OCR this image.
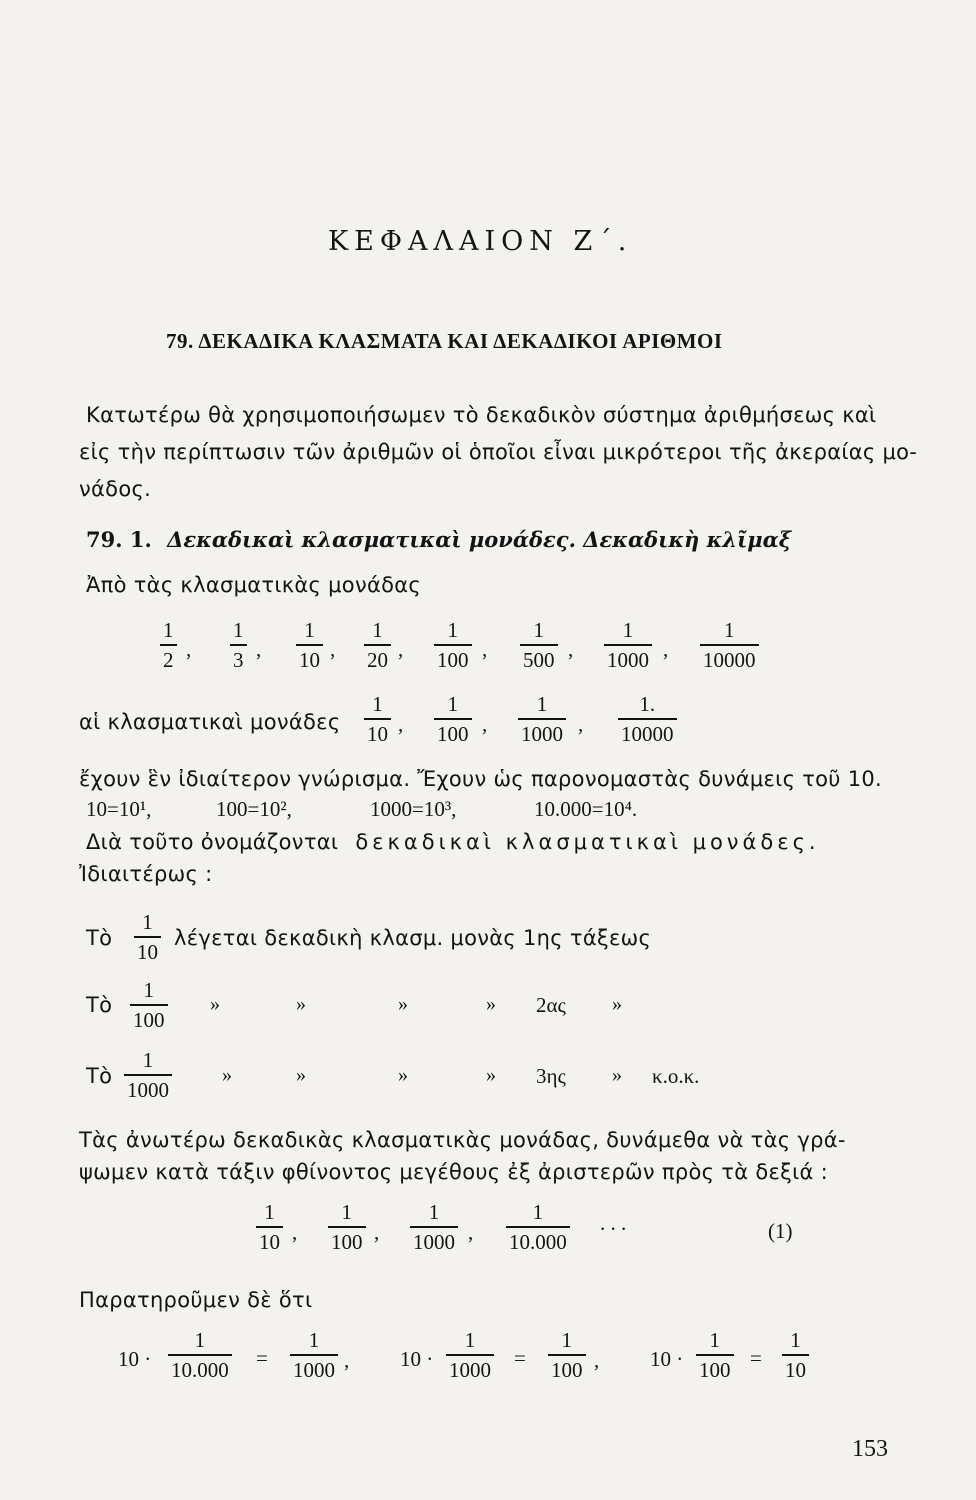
ΚΕΦΑΛΑΙΟΝ Ζ΄.
79. ΔΕΚΑΔΙΚΑ ΚΛΑΣΜΑΤΑ ΚΑΙ ΔΕΚΑΔΙΚΟΙ ΑΡΙΘΜΟΙ
Κατωτέρω θὰ χρησιμοποιήσωμεν τὸ δεκαδικὸν σύστημα ἀριθμήσεως καὶ
εἰς τὴν περίπτωσιν τῶν ἀριθμῶν οἱ ὁποῖοι εἶναι μικρότεροι τῆς ἀκεραίας μο-
νάδος.
79. 1. Δεκαδικαὶ κλασματικαὶ μονάδες. Δεκαδικὴ κλῖμαξ
Ἀπὸ τὰς κλασματικὰς μονάδας
1
2 ,
1
3 ,
1
10 ,
1
20 ,
1
100 ,
1
500 ,
1
1000 ,
1
10000
αἱ κλασματικαὶ μονάδες
1
10 ,
1
100 ,
1
1000 ,
1.
10000
ἔχουν ἓν ἰδιαίτερον γνώρισμα. Ἔχουν ὡς παρονομαστὰς δυνάμεις τοῦ 10.
10=10¹,	100=10²,	1000=10³,	10.000=10⁴.
Διὰ τοῦτο ὀνομάζονται δεκαδικαὶ κλασματικαὶ μονάδες.
Ἰδιαιτέρως :
Τὸ
1
10
λέγεται δεκαδικὴ κλασμ. μονὰς 1ης τάξεως
Τὸ
1
100
»	»	»	» 2ας »
Τὸ
1
1000
»	»	»	» 3ης » κ.ο.κ.
Τὰς ἀνωτέρω δεκαδικὰς κλασματικὰς μονάδας, δυνάμεθα νὰ τὰς γρά-
ψωμεν κατὰ τάξιν φθίνοντος μεγέθους ἐξ ἀριστερῶν πρὸς τὰ δεξιά :
1
10 ,
1
100 ,
1
1000 ,
1
10.000
. . .	(1)
Παρατηροῦμεν δὲ ὅτι
10 ·
1
10.000 =
1
1000 , 10 ·
1
1000 =
1
100 , 10 ·
1
100 =
1
10
153
